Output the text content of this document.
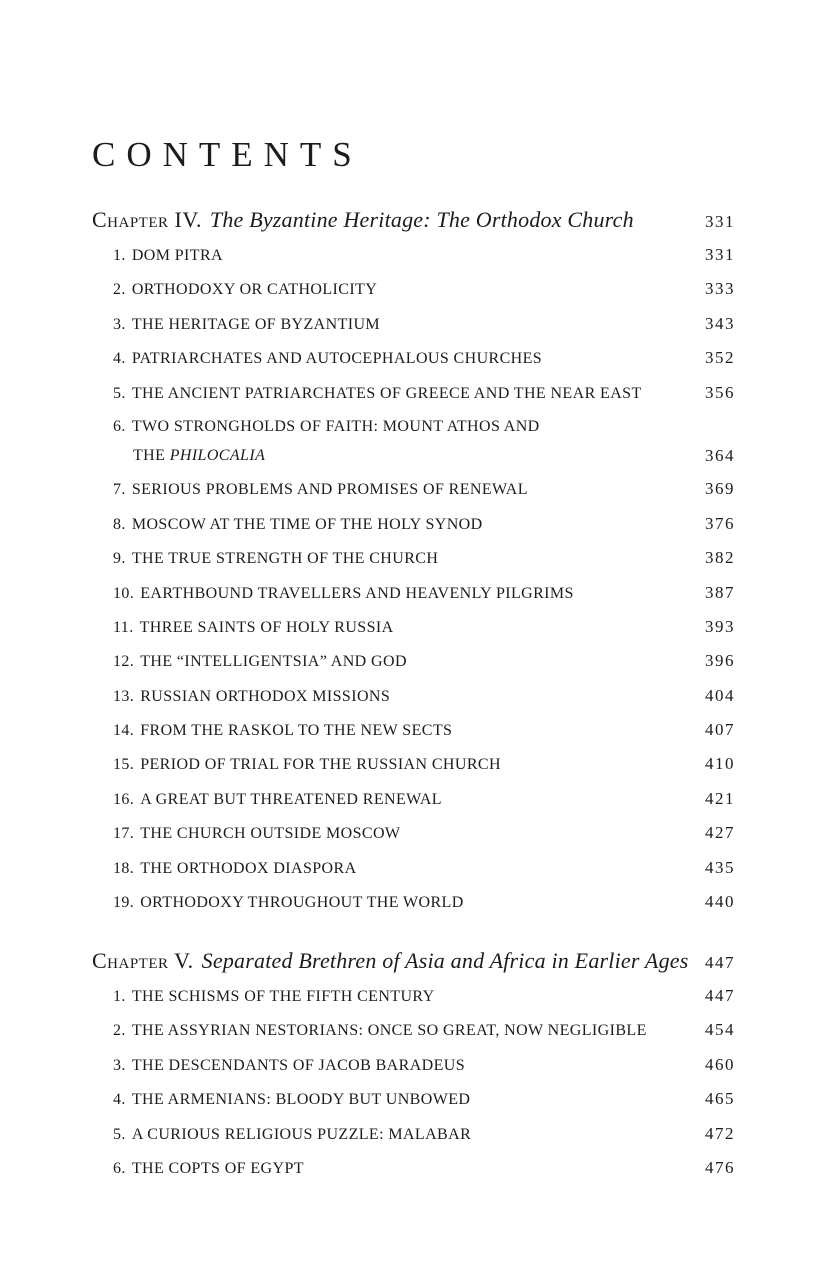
CONTENTS
Chapter IV. The Byzantine Heritage: The Orthodox Church	331
1. DOM PITRA	331
2. ORTHODOXY OR CATHOLICITY	333
3. THE HERITAGE OF BYZANTIUM	343
4. PATRIARCHATES AND AUTOCEPHALOUS CHURCHES	352
5. THE ANCIENT PATRIARCHATES OF GREECE AND THE NEAR EAST	356
6. TWO STRONGHOLDS OF FAITH: MOUNT ATHOS AND
THE PHILOCALIA	364
7. SERIOUS PROBLEMS AND PROMISES OF RENEWAL	369
8. MOSCOW AT THE TIME OF THE HOLY SYNOD	376
9. THE TRUE STRENGTH OF THE CHURCH	382
10. EARTHBOUND TRAVELLERS AND HEAVENLY PILGRIMS	387
11. THREE SAINTS OF HOLY RUSSIA	393
12. THE “INTELLIGENTSIA” AND GOD	396
13. RUSSIAN ORTHODOX MISSIONS	404
14. FROM THE RASKOL TO THE NEW SECTS	407
15. PERIOD OF TRIAL FOR THE RUSSIAN CHURCH	410
16. A GREAT BUT THREATENED RENEWAL	421
17. THE CHURCH OUTSIDE MOSCOW	427
18. THE ORTHODOX DIASPORA	435
19. ORTHODOXY THROUGHOUT THE WORLD	440
Chapter V. Separated Brethren of Asia and Africa in Earlier Ages 447
1. THE SCHISMS OF THE FIFTH CENTURY	447
2. THE ASSYRIAN NESTORIANS: ONCE SO GREAT, NOW NEGLIGIBLE	454
3. THE DESCENDANTS OF JACOB BARADEUS	460
4. THE ARMENIANS: BLOODY BUT UNBOWED	465
5. A CURIOUS RELIGIOUS PUZZLE: MALABAR	472
6. THE COPTS OF EGYPT	476
